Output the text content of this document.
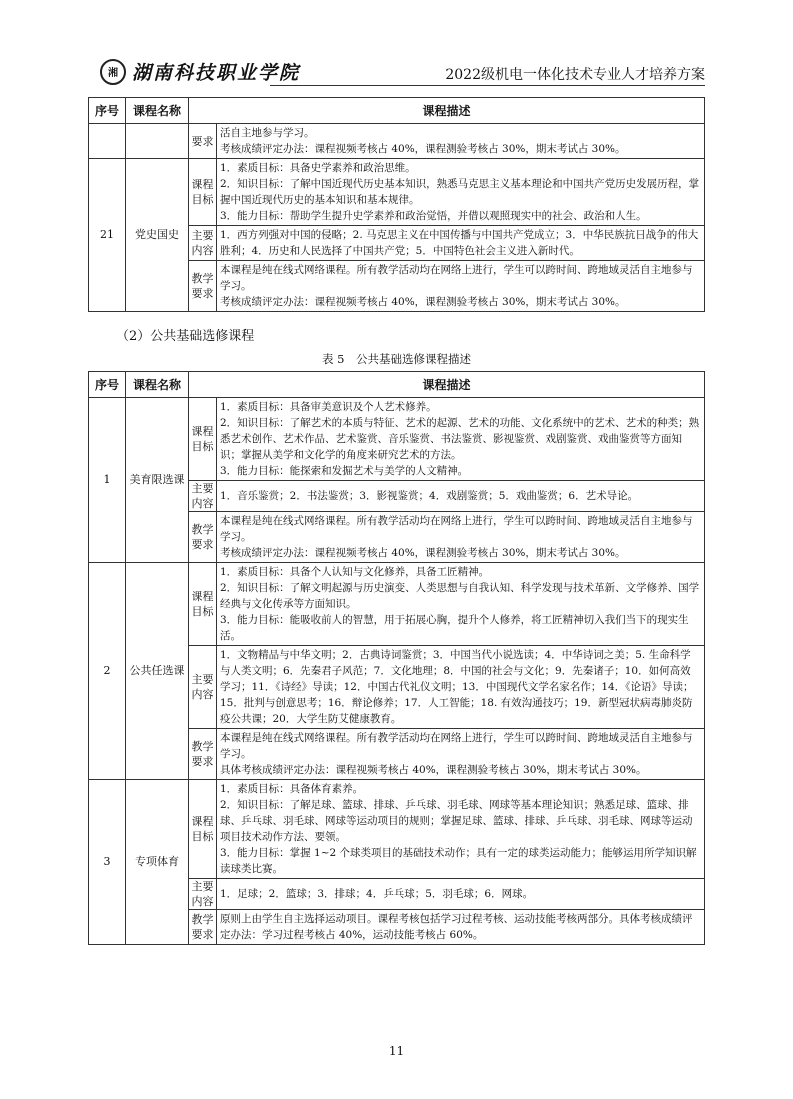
湘 湖南科技职业学院	2022级机电一体化技术专业人才培养方案
序号	课程名称	课程描述	
		要求	活自主地参与学习。
考核成绩评定办法：课程视频考核占 40%，课程测验考核占 30%，期末考试占 30%。

21	党史国史	课程目标	1．素质目标：具备史学素养和政治思维。
2．知识目标：了解中国近现代历史基本知识，熟悉马克思主义基本理论和中国共产党历史发展历程，掌握中国近现代历史的基本知识和基本规律。
3．能力目标：帮助学生提升史学素养和政治觉悟，并借以观照现实中的社会、政治和人生。

		主要内容	1．西方列强对中国的侵略；2. 马克思主义在中国传播与中国共产党成立；3．中华民族抗日战争的伟大胜利；4．历史和人民选择了中国共产党；5．中国特色社会主义进入新时代。

		教学要求	本课程是纯在线式网络课程。所有教学活动均在网络上进行，学生可以跨时间、跨地域灵活自主地参与学习。
考核成绩评定办法：课程视频考核占 40%，课程测验考核占 30%，期末考试占 30%。
（2）公共基础选修课程
表 5　公共基础选修课程描述
序号	课程名称	课程描述	
1	美育限选课	课程目标	1．素质目标：具备审美意识及个人艺术修养。
2．知识目标：了解艺术的本质与特征、艺术的起源、艺术的功能、文化系统中的艺术、艺术的种类；熟悉艺术创作、艺术作品、艺术鉴赏、音乐鉴赏、书法鉴赏、影视鉴赏、戏剧鉴赏、戏曲鉴赏等方面知识；掌握从美学和文化学的角度来研究艺术的方法。
3．能力目标：能探索和发掘艺术与美学的人文精神。

		主要内容	1．音乐鉴赏；2．书法鉴赏；3．影视鉴赏；4．戏剧鉴赏；5．戏曲鉴赏；6．艺术导论。

		教学要求	本课程是纯在线式网络课程。所有教学活动均在网络上进行，学生可以跨时间、跨地域灵活自主地参与学习。
考核成绩评定办法：课程视频考核占 40%，课程测验考核占 30%，期末考试占 30%。

2	公共任选课	课程目标	1．素质目标：具备个人认知与文化修养，具备工匠精神。
2．知识目标：了解文明起源与历史演变、人类思想与自我认知、科学发现与技术革新、文学修养、国学经典与文化传承等方面知识。
3．能力目标：能吸收前人的智慧，用于拓展心胸，提升个人修养，将工匠精神切入我们当下的现实生活。

		主要内容	1．文物精品与中华文明；2．古典诗词鉴赏；3．中国当代小说选读；4．中华诗词之美；5. 生命科学与人类文明；6．先秦君子风范；7．文化地理；8．中国的社会与文化；9．先秦诸子；10．如何高效学习；11．《诗经》导读；12．中国古代礼仪文明；13．中国现代文学名家名作；14．《论语》导读；15．批判与创意思考；16．辩论修养；17．人工智能；18. 有效沟通技巧；19．新型冠状病毒肺炎防疫公共课；20．大学生防艾健康教育。

		教学要求	本课程是纯在线式网络课程。所有教学活动均在网络上进行，学生可以跨时间、跨地域灵活自主地参与学习。
具体考核成绩评定办法：课程视频考核占 40%，课程测验考核占 30%，期末考试占 30%。

3	专项体育	课程目标	1．素质目标：具备体育素养。
2．知识目标：了解足球、篮球、排球、乒乓球、羽毛球、网球等基本理论知识；熟悉足球、篮球、排球、乒乓球、羽毛球、网球等运动项目的规则；掌握足球、篮球、排球、乒乓球、羽毛球、网球等运动项目技术动作方法、要领。
3．能力目标：掌握 1~2 个球类项目的基础技术动作；具有一定的球类运动能力；能够运用所学知识解读球类比赛。

		主要内容	1．足球；2．篮球；3．排球；4．乒乓球；5．羽毛球；6．网球。

		教学要求	原则上由学生自主选择运动项目。课程考核包括学习过程考核、运动技能考核两部分。具体考核成绩评定办法：学习过程考核占 40%，运动技能考核占 60%。
11
